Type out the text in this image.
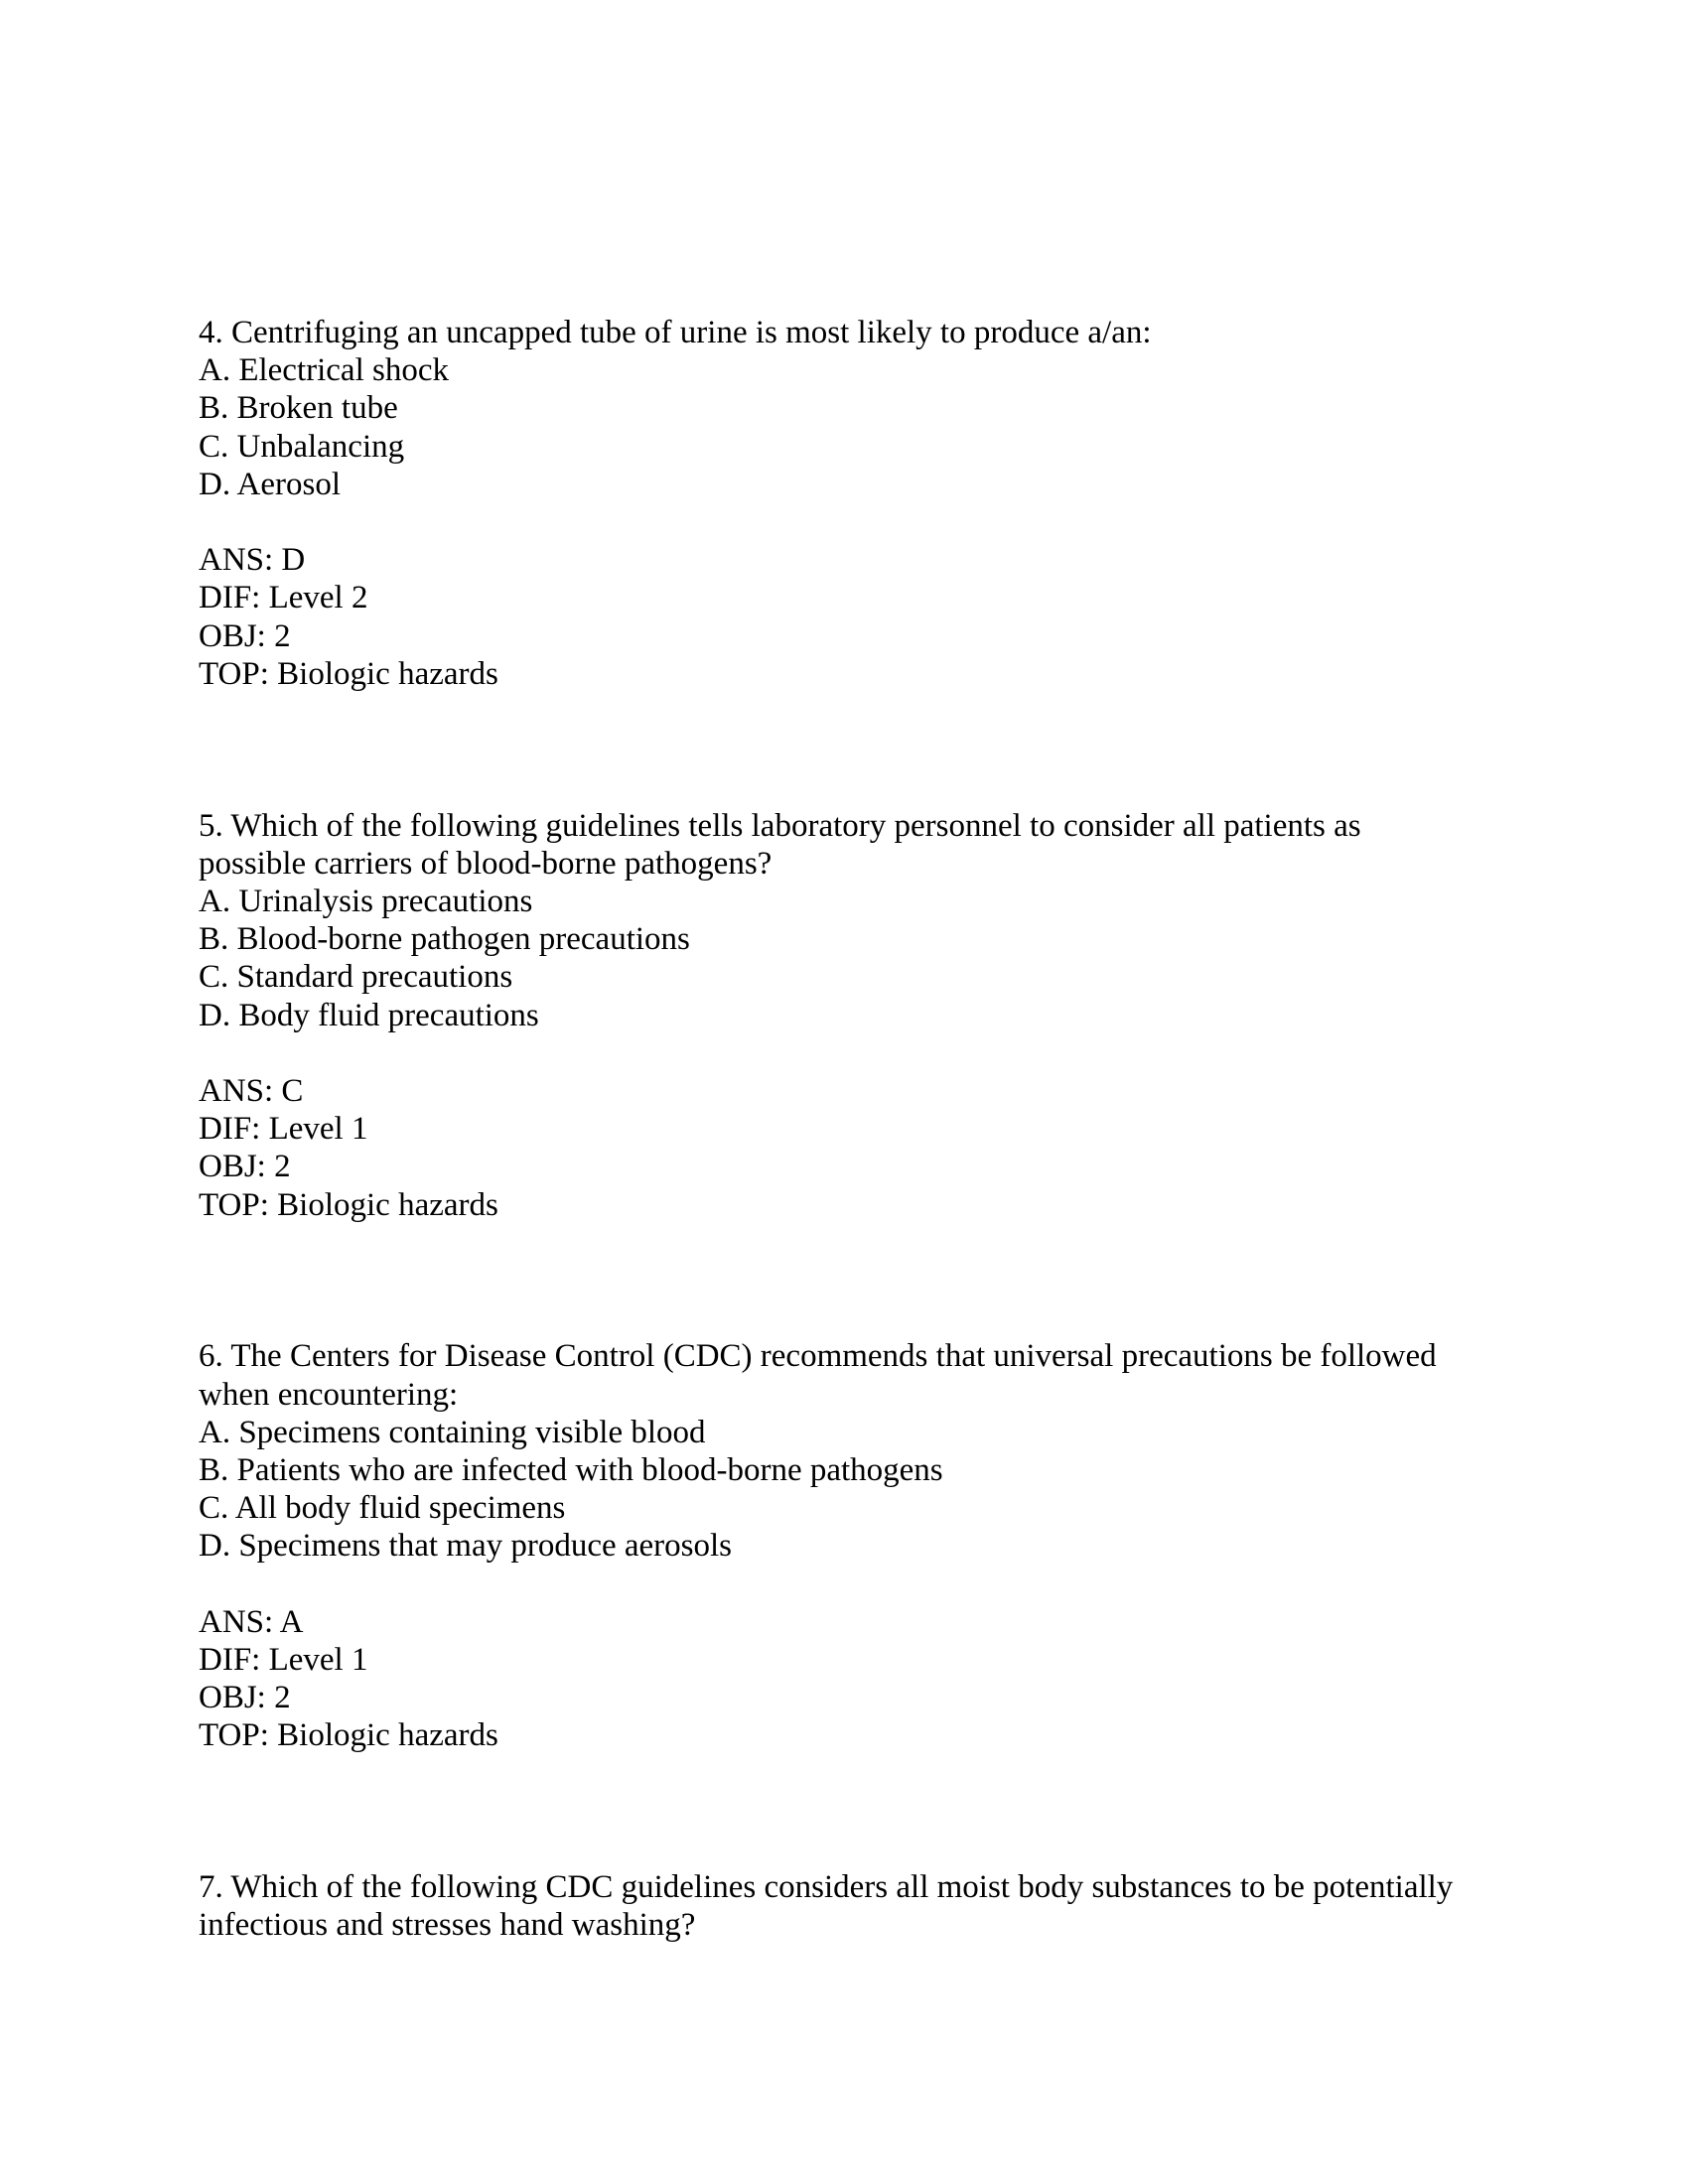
4. Centrifuging an uncapped tube of urine is most likely to produce a/an:
A. Electrical shock
B. Broken tube
C. Unbalancing
D. Aerosol
ANS: D
DIF: Level 2
OBJ: 2
TOP: Biologic hazards
5. Which of the following guidelines tells laboratory personnel to consider all patients as
possible carriers of blood-borne pathogens?
A. Urinalysis precautions
B. Blood-borne pathogen precautions
C. Standard precautions
D. Body fluid precautions
ANS: C
DIF: Level 1
OBJ: 2
TOP: Biologic hazards
6. The Centers for Disease Control (CDC) recommends that universal precautions be followed
when encountering:
A. Specimens containing visible blood
B. Patients who are infected with blood-borne pathogens
C. All body fluid specimens
D. Specimens that may produce aerosols
ANS: A
DIF: Level 1
OBJ: 2
TOP: Biologic hazards
7. Which of the following CDC guidelines considers all moist body substances to be potentially
infectious and stresses hand washing?
